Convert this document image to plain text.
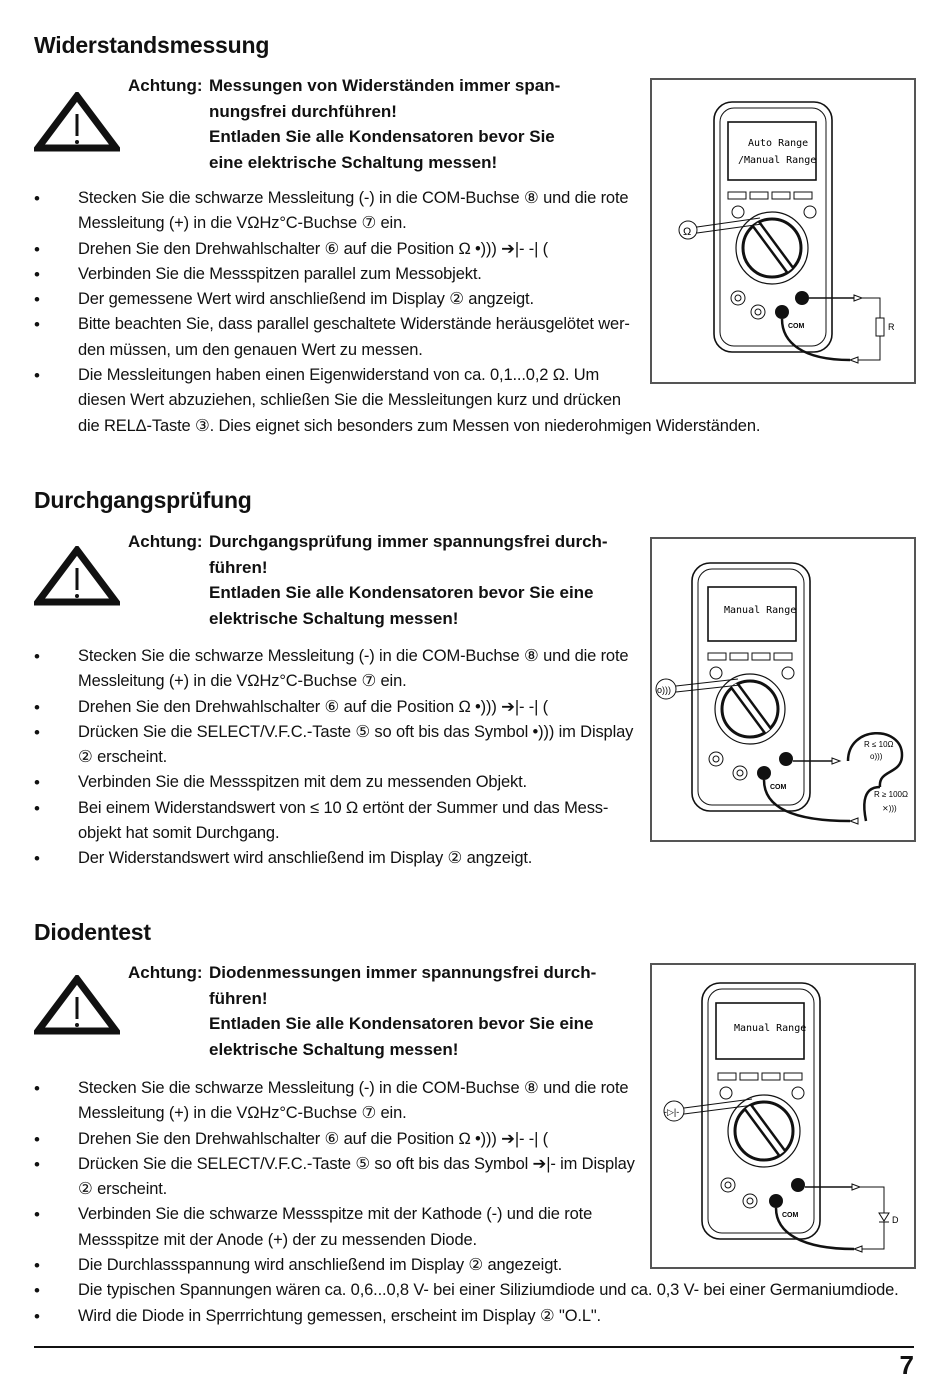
Widerstandsmessung
Achtung: Messungen von Widerständen immer span-
nungsfrei durchführen!
Entladen Sie alle Kondensatoren bevor Sie
eine elektrische Schaltung messen!
• Stecken Sie die schwarze Messleitung (-) in die COM-Buchse ⑧ und die rote
Messleitung (+) in die VΩHz°C-Buchse ⑦ ein.
• Drehen Sie den Drehwahlschalter ⑥ auf die Position Ω •))) ➔|- -| (
• Verbinden Sie die Messspitzen parallel zum Messobjekt.
• Der gemessene Wert wird anschließend im Display ② angzeigt.
• Bitte beachten Sie, dass parallel geschaltete Widerstände heräusgelötet wer-
den müssen, um den genauen Wert zu messen.
• Die Messleitungen haben einen Eigenwiderstand von ca. 0,1...0,2 Ω. Um
diesen Wert abzuziehen, schließen Sie die Messleitungen kurz und drücken
die RELΔ-Taste ③. Dies eignet sich besonders zum Messen von niederohmigen Widerständen.
Auto Range
/Manual Range
Ω
COM	R
Durchgangsprüfung
Achtung: Durchgangsprüfung immer spannungsfrei durch-
führen!
Entladen Sie alle Kondensatoren bevor Sie eine
elektrische Schaltung messen!
• Stecken Sie die schwarze Messleitung (-) in die COM-Buchse ⑧ und die rote
Messleitung (+) in die VΩHz°C-Buchse ⑦ ein.
• Drehen Sie den Drehwahlschalter ⑥ auf die Position Ω •))) ➔|- -| (
• Drücken Sie die SELECT/V.F.C.-Taste ⑤ so oft bis das Symbol •))) im Display
② erscheint.
• Verbinden Sie die Messspitzen mit dem zu messenden Objekt.
• Bei einem Widerstandswert von ≤ 10 Ω ertönt der Summer und das Mess-
objekt hat somit Durchgang.
• Der Widerstandswert wird anschließend im Display ② angzeigt.
Manual Range
o)))
COM
R ≤ 10Ω
o)))
R ≥ 100Ω
⨯)))
Diodentest
Achtung: Diodenmessungen immer spannungsfrei durch-
führen!
Entladen Sie alle Kondensatoren bevor Sie eine
elektrische Schaltung messen!
• Stecken Sie die schwarze Messleitung (-) in die COM-Buchse ⑧ und die rote
Messleitung (+) in die VΩHz°C-Buchse ⑦ ein.
• Drehen Sie den Drehwahlschalter ⑥ auf die Position Ω •))) ➔|- -| (
• Drücken Sie die SELECT/V.F.C.-Taste ⑤ so oft bis das Symbol ➔|- im Display
② erscheint.
• Verbinden Sie die schwarze Messspitze mit der Kathode (-) und die rote
Messspitze mit der Anode (+) der zu messenden Diode.
• Die Durchlassspannung wird anschließend im Display ② angezeigt.
• Die typischen Spannungen wären ca. 0,6...0,8 V- bei einer Siliziumdiode und ca. 0,3 V- bei einer Germaniumdiode.
• Wird die Diode in Sperrrichtung gemessen, erscheint im Display ② "O.L".
Manual Range
-▷|-
COM	D
7
